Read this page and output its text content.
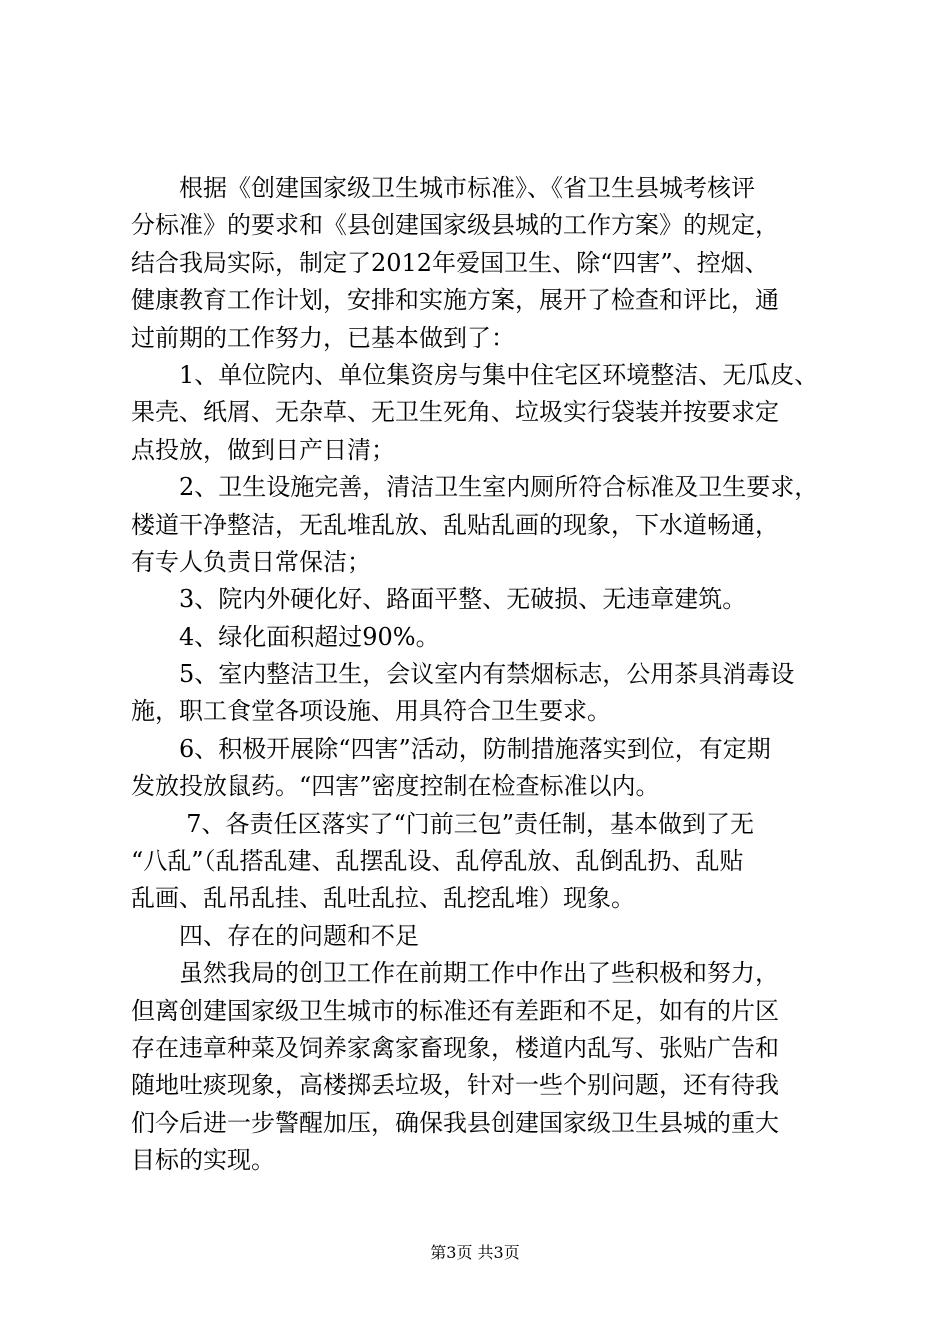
根据《创建国家级卫生城市标准》、《省卫生县城考核评
分标准》的要求和《县创建国家级县城的工作方案》的规定，
结合我局实际，制定了2012年爱国卫生、除“四害”、控烟、
健康教育工作计划，安排和实施方案，展开了检查和评比，通
过前期的工作努力，已基本做到了：
1、单位院内、单位集资房与集中住宅区环境整洁、无瓜皮、
果壳、纸屑、无杂草、无卫生死角、垃圾实行袋装并按要求定
点投放，做到日产日清；
2、卫生设施完善，清洁卫生室内厕所符合标准及卫生要求，
楼道干净整洁，无乱堆乱放、乱贴乱画的现象，下水道畅通，
有专人负责日常保洁；
3、院内外硬化好、路面平整、无破损、无违章建筑。
4、绿化面积超过90%。
5、室内整洁卫生，会议室内有禁烟标志，公用茶具消毒设
施，职工食堂各项设施、用具符合卫生要求。
6、积极开展除“四害”活动，防制措施落实到位，有定期
发放投放鼠药。“四害”密度控制在检查标准以内。
7、各责任区落实了“门前三包”责任制，基本做到了无
“八乱”（乱搭乱建、乱摆乱设、乱停乱放、乱倒乱扔、乱贴
乱画、乱吊乱挂、乱吐乱拉、乱挖乱堆）现象。
四、存在的问题和不足
虽然我局的创卫工作在前期工作中作出了些积极和努力，
但离创建国家级卫生城市的标准还有差距和不足，如有的片区
存在违章种菜及饲养家禽家畜现象，楼道内乱写、张贴广告和
随地吐痰现象，高楼掷丢垃圾，针对一些个别问题，还有待我
们今后进一步警醒加压，确保我县创建国家级卫生县城的重大
目标的实现。
第3页 共3页
